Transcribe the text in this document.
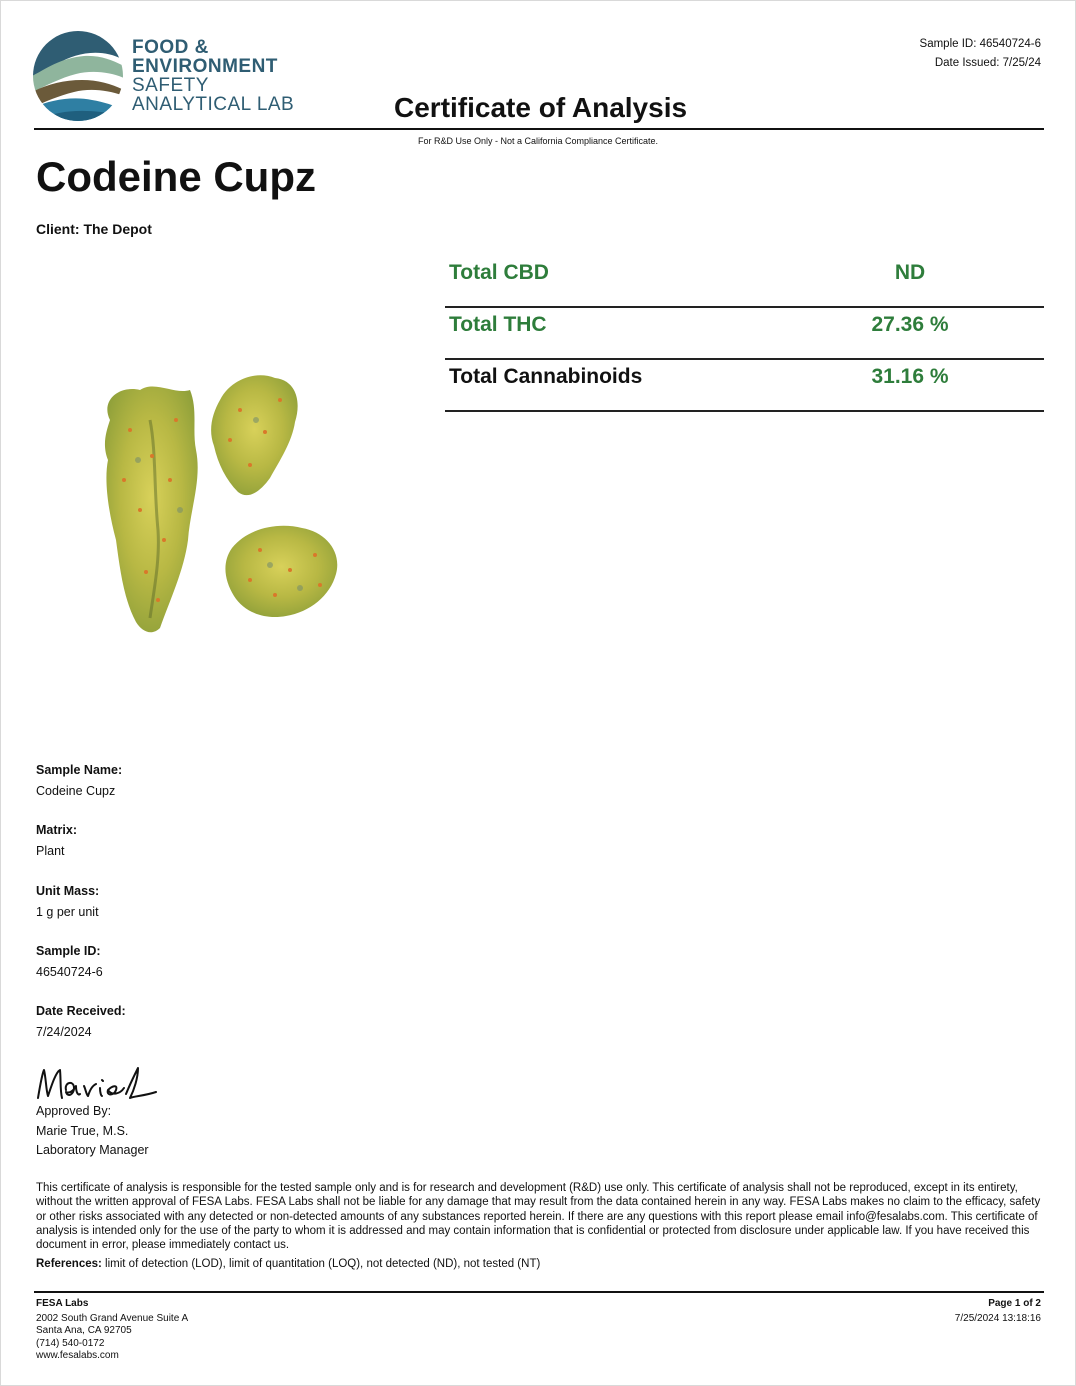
FOOD &
ENVIRONMENT
SAFETY
ANALYTICAL LAB
Sample ID: 46540724-6
Date Issued: 7/25/24
Certificate of Analysis
For R&D Use Only - Not a California Compliance Certificate.
Codeine Cupz
Client: The Depot
Total CBD	ND
Total THC	27.36 %
Total Cannabinoids	31.16 %
Sample Name:
Codeine Cupz
Matrix:
Plant
Unit Mass:
1 g per unit
Sample ID:
46540724-6
Date Received:
7/24/2024
Approved By:
Marie True, M.S.
Laboratory Manager
This certificate of analysis is responsible for the tested sample only and is for research and development (R&D) use only. This certificate of analysis shall not be reproduced, except in its entirety, without the written approval of FESA Labs. FESA Labs shall not be liable for any damage that may result from the data contained herein in any way. FESA Labs makes no claim to the efficacy, safety or other risks associated with any detected or non-detected amounts of any substances reported herein. If there are any questions with this report please email info@fesalabs.com. This certificate of analysis is intended only for the use of the party to whom it is addressed and may contain information that is confidential or protected from disclosure under applicable law. If you have received this document in error, please immediately contact us.
References: limit of detection (LOD), limit of quantitation (LOQ), not detected (ND), not tested (NT)
FESA Labs
2002 South Grand Avenue Suite A
Santa Ana, CA 92705
(714) 540-0172
www.fesalabs.com
Page 1 of 2
7/25/2024 13:18:16
